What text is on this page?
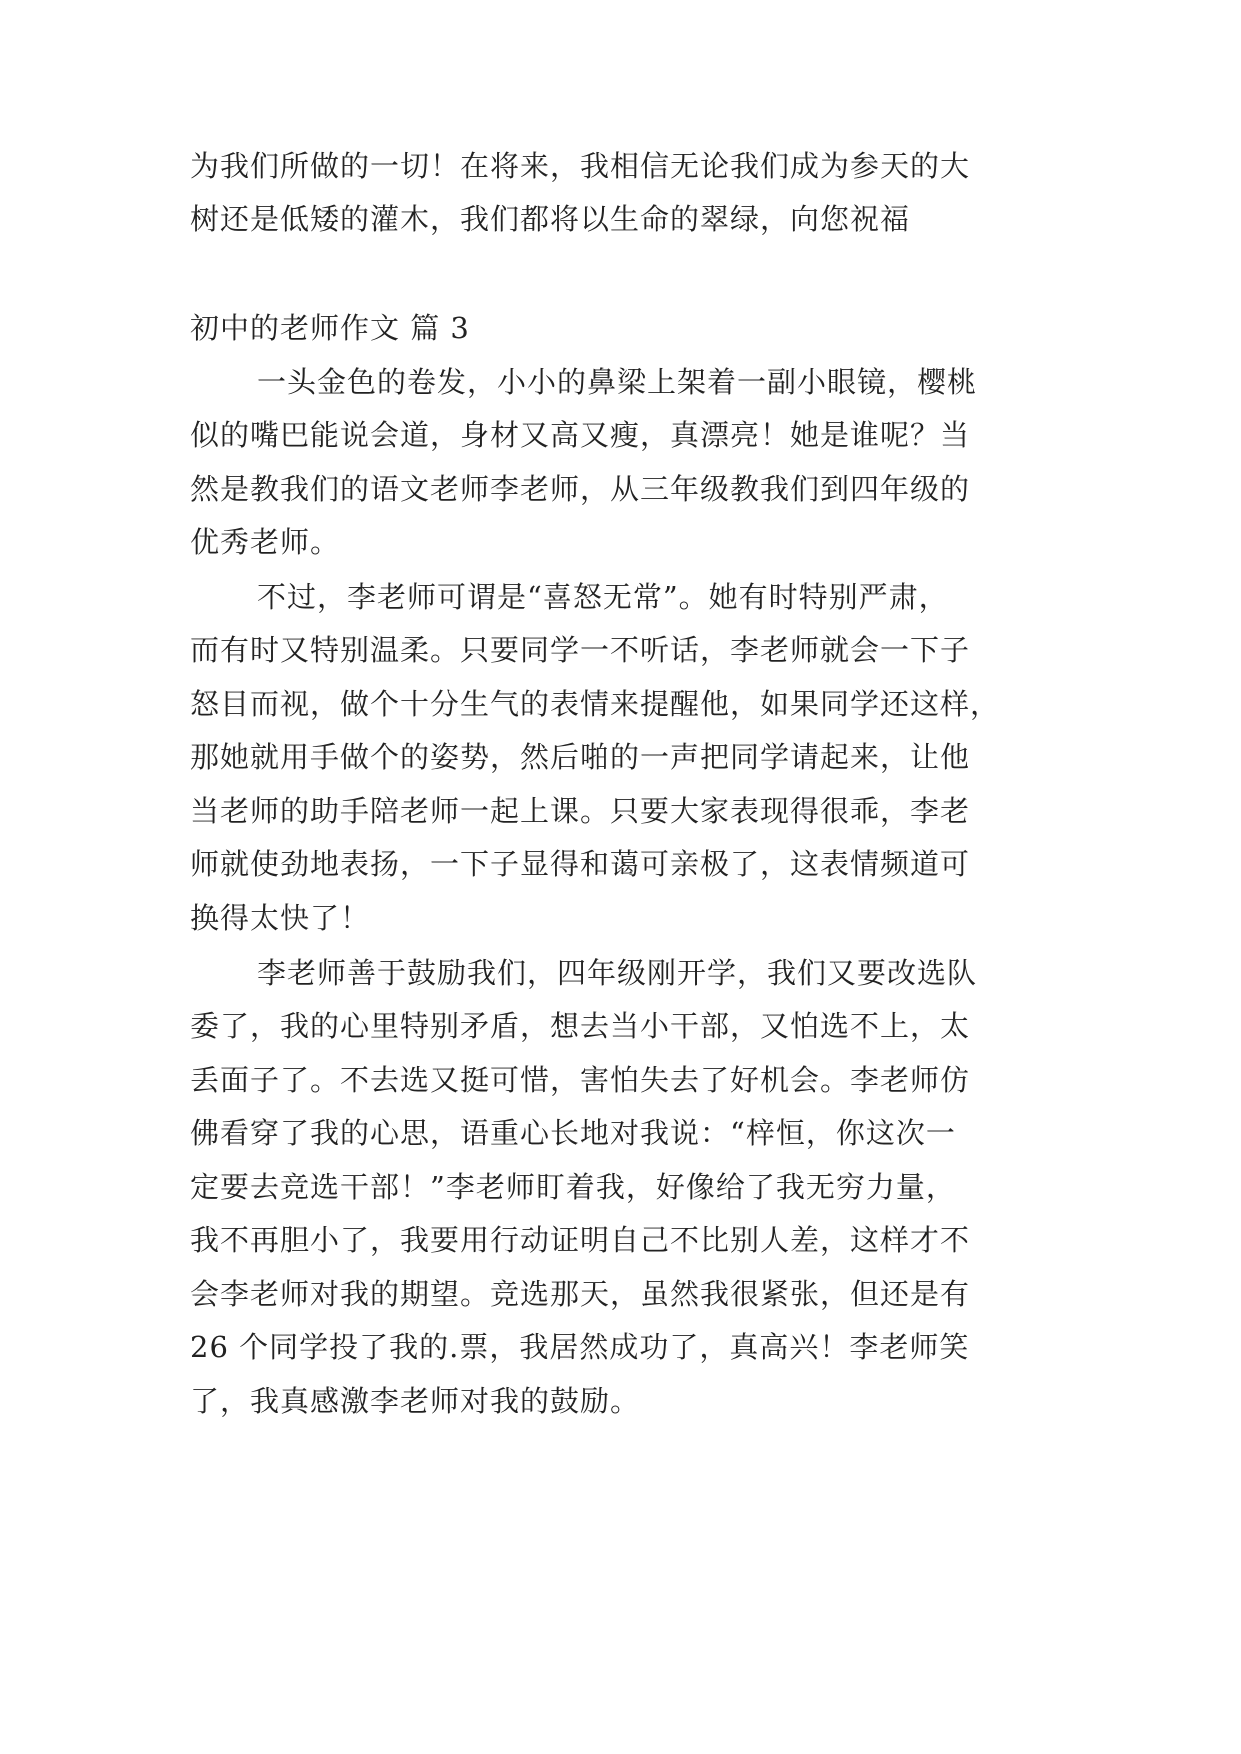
为我们所做的一切！在将来，我相信无论我们成为参天的大

树还是低矮的灌木，我们都将以生命的翠绿，向您祝福

初中的老师作文 篇 3

一头金色的卷发，小小的鼻梁上架着一副小眼镜，樱桃

似的嘴巴能说会道，身材又高又瘦，真漂亮！她是谁呢？当

然是教我们的语文老师李老师，从三年级教我们到四年级的

优秀老师。

不过，李老师可谓是“喜怒无常”。她有时特别严肃，

而有时又特别温柔。只要同学一不听话，李老师就会一下子

怒目而视，做个十分生气的表情来提醒他，如果同学还这样，

那她就用手做个的姿势，然后啪的一声把同学请起来，让他

当老师的助手陪老师一起上课。只要大家表现得很乖，李老

师就使劲地表扬，一下子显得和蔼可亲极了，这表情频道可

换得太快了！

李老师善于鼓励我们，四年级刚开学，我们又要改选队

委了，我的心里特别矛盾，想去当小干部，又怕选不上，太

丢面子了。不去选又挺可惜，害怕失去了好机会。李老师仿

佛看穿了我的心思，语重心长地对我说：“梓恒，你这次一

定要去竞选干部！”李老师盯着我，好像给了我无穷力量，

我不再胆小了，我要用行动证明自己不比别人差，这样才不

会李老师对我的期望。竞选那天，虽然我很紧张，但还是有

26 个同学投了我的.票，我居然成功了，真高兴！李老师笑

了，我真感激李老师对我的鼓励。
